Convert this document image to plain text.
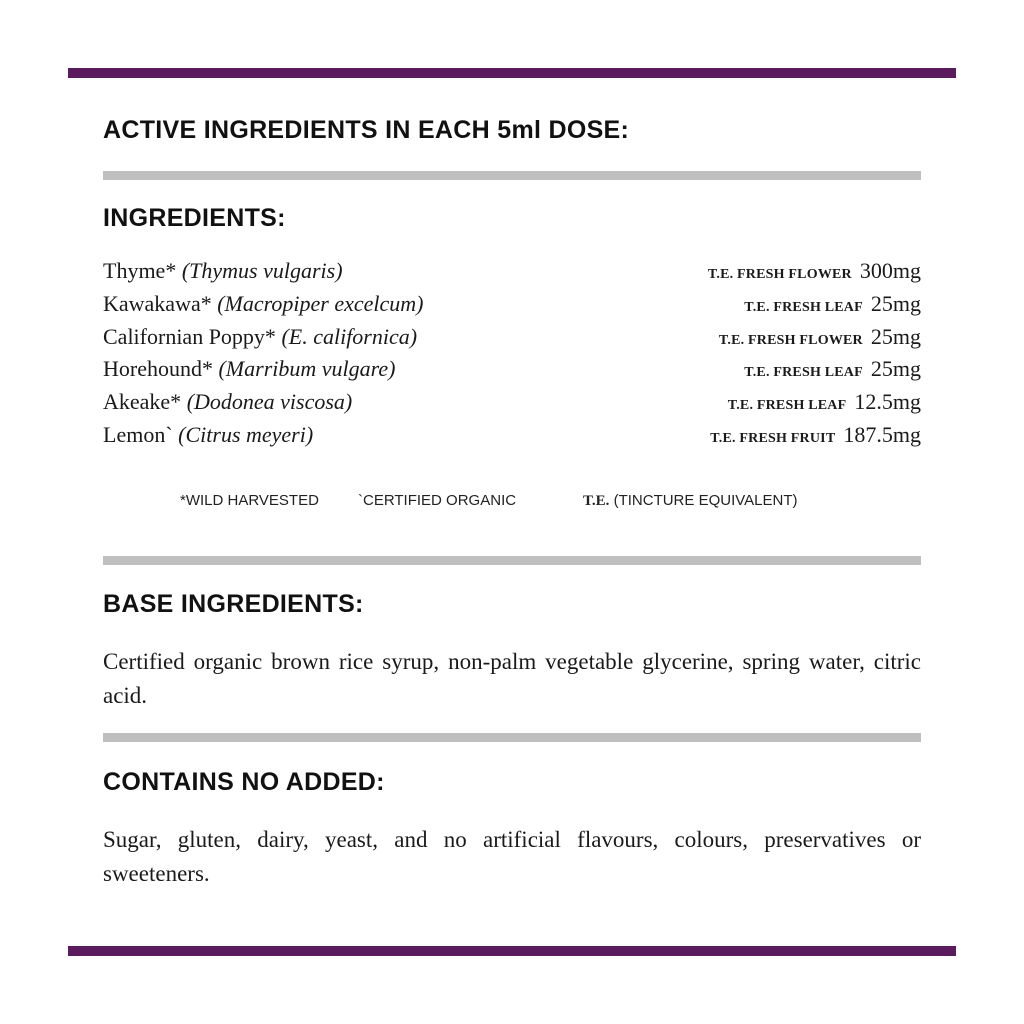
ACTIVE INGREDIENTS IN EACH 5ml DOSE:
INGREDIENTS:
Thyme* (Thymus vulgaris)	T.E. FRESH FLOWER 300mg
Kawakawa* (Macropiper excelcum)	T.E. FRESH LEAF 25mg
Californian Poppy* (E. californica)	T.E. FRESH FLOWER 25mg
Horehound* (Marribum vulgare)	T.E. FRESH LEAF 25mg
Akeake* (Dodonea viscosa)	T.E. FRESH LEAF 12.5mg
Lemon` (Citrus meyeri)	T.E. FRESH FRUIT 187.5mg
*WILD HARVESTED	`CERTIFIED ORGANIC	T.E. (TINCTURE EQUIVALENT)
BASE INGREDIENTS:

Certified organic brown rice syrup, non-palm vegetable glycerine, spring water, citric acid.

CONTAINS NO ADDED:

Sugar, gluten, dairy, yeast, and no artificial flavours, colours, preservatives or sweeteners.
